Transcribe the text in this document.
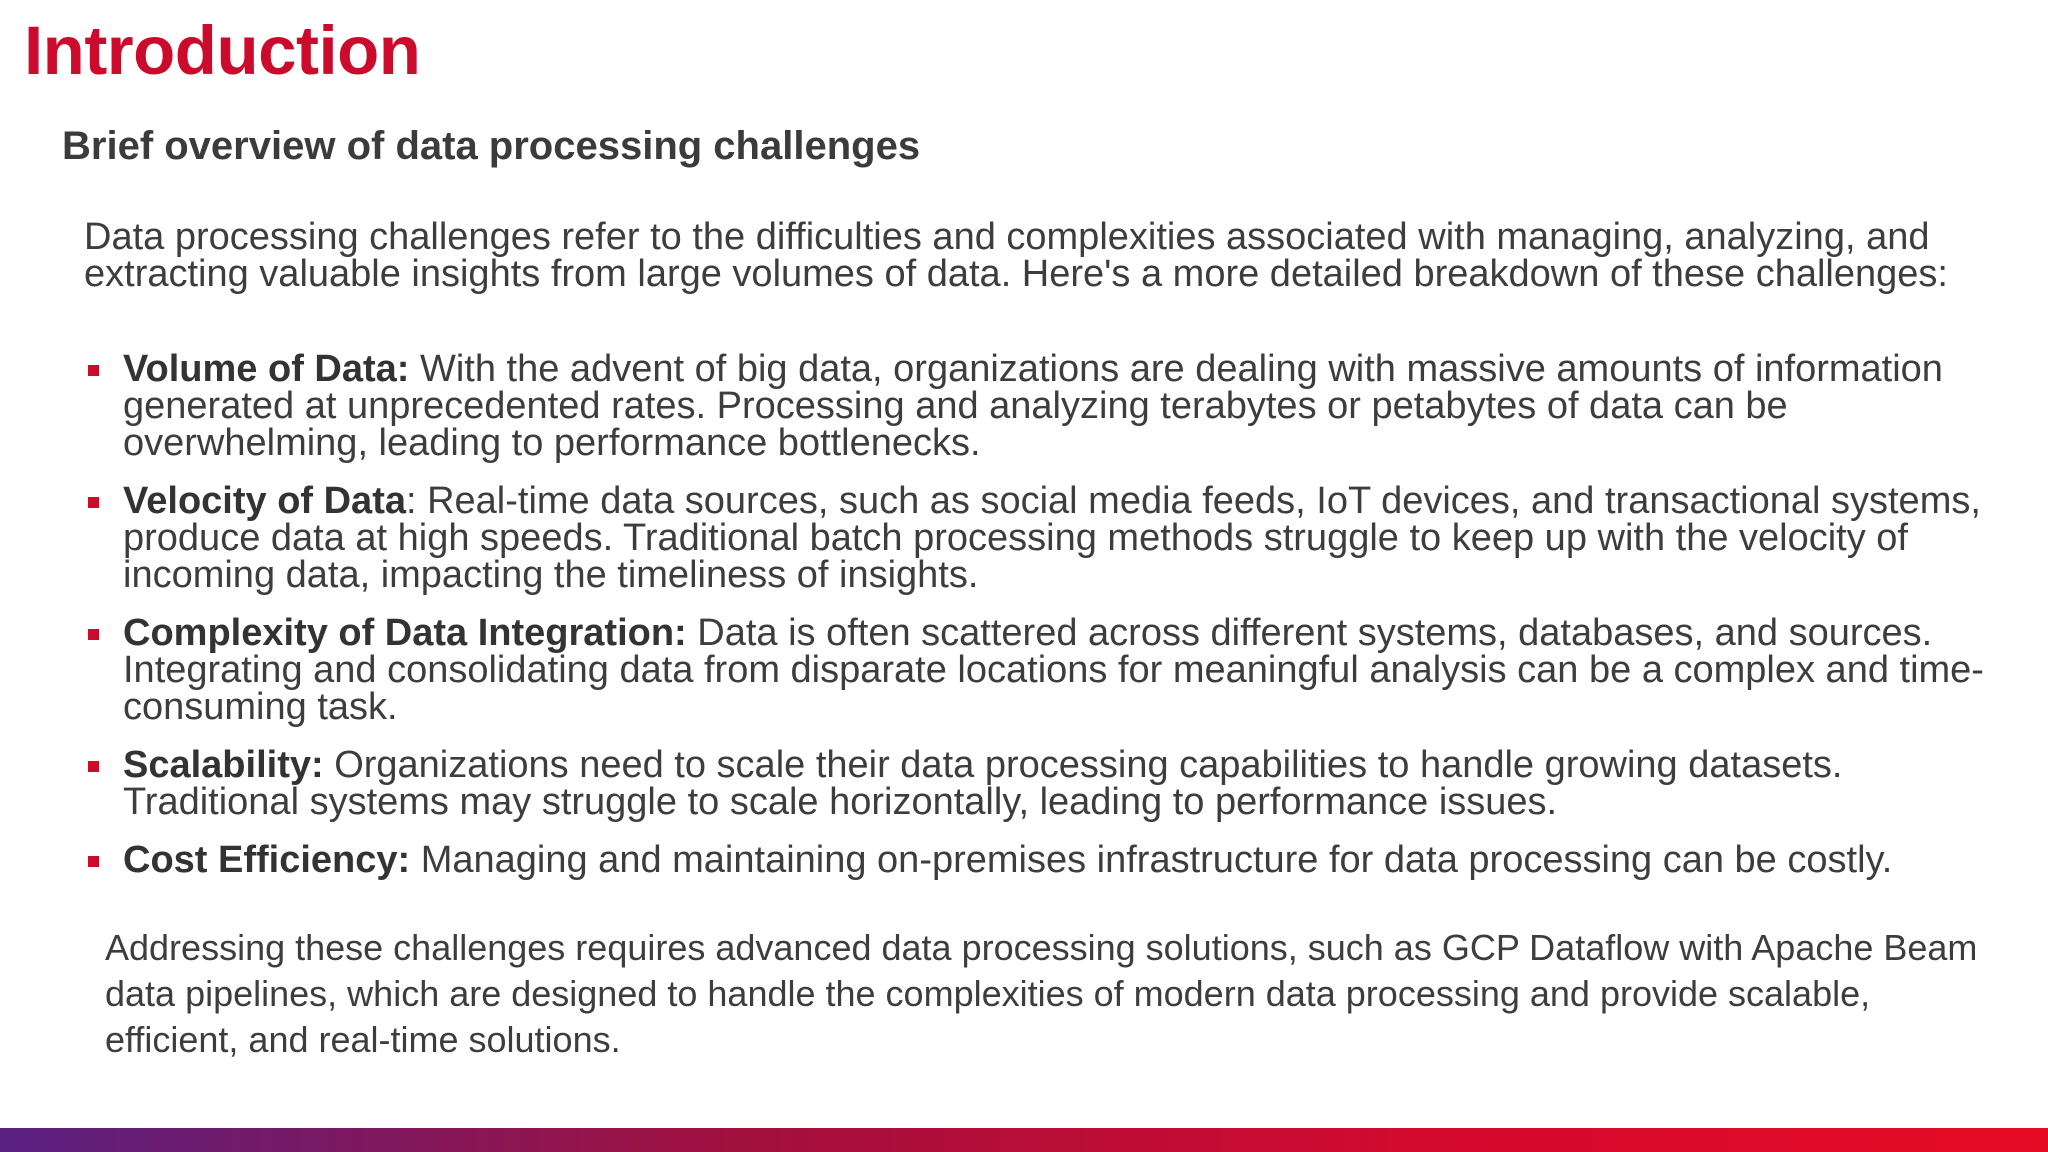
Introduction
Brief overview of data processing challenges

Data processing challenges refer to the difficulties and complexities associated with managing, analyzing, and extracting valuable insights from large volumes of data. Here's a more detailed breakdown of these challenges:

Volume of Data: With the advent of big data, organizations are dealing with massive amounts of information generated at unprecedented rates. Processing and analyzing terabytes or petabytes of data can be overwhelming, leading to performance bottlenecks.
Velocity of Data: Real-time data sources, such as social media feeds, IoT devices, and transactional systems, produce data at high speeds. Traditional batch processing methods struggle to keep up with the velocity of incoming data, impacting the timeliness of insights.
Complexity of Data Integration: Data is often scattered across different systems, databases, and sources. Integrating and consolidating data from disparate locations for meaningful analysis can be a complex and time-consuming task.
Scalability: Organizations need to scale their data processing capabilities to handle growing datasets. Traditional systems may struggle to scale horizontally, leading to performance issues.
Cost Efficiency: Managing and maintaining on-premises infrastructure for data processing can be costly.

Addressing these challenges requires advanced data processing solutions, such as GCP Dataflow with Apache Beam data pipelines, which are designed to handle the complexities of modern data processing and provide scalable, efficient, and real-time solutions.
